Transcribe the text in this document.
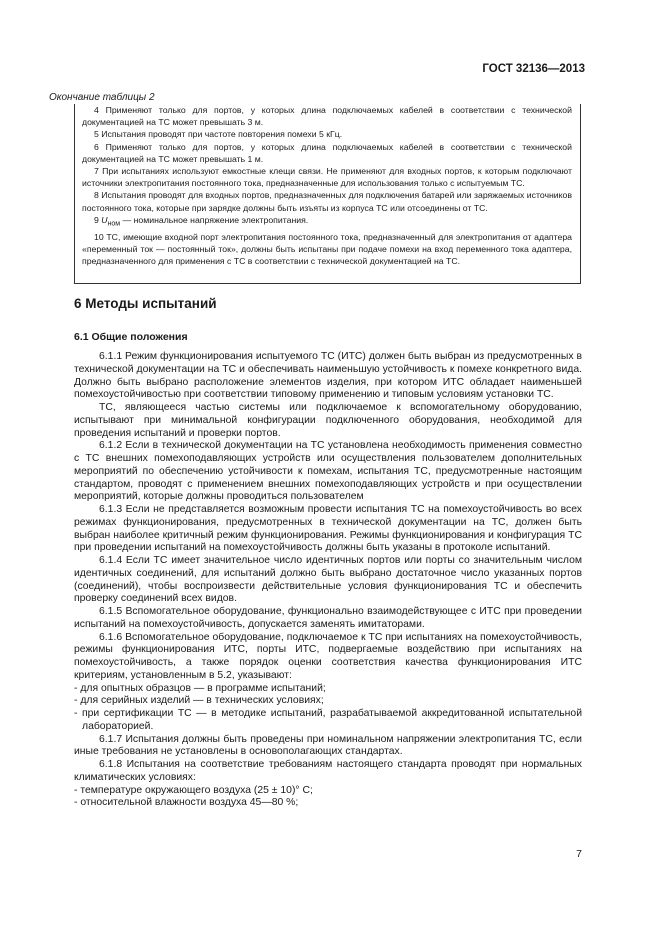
ГОСТ 32136—2013
Окончание таблицы 2

4 Применяют только для портов, у которых длина подключаемых кабелей в соответствии с технической документацией на ТС может превышать 3 м.

5 Испытания проводят при частоте повторения помехи 5 кГц.

6 Применяют только для портов, у которых длина подключаемых кабелей в соответствии с технической документацией на ТС может превышать 1 м.

7 При испытаниях используют емкостные клещи связи. Не применяют для входных портов, к которым подключают источники электропитания постоянного тока, предназначенные для использования только с испытуемым ТС.

8 Испытания проводят для входных портов, предназначенных для подключения батарей или заряжаемых источников постоянного тока, которые при зарядке должны быть изъяты из корпуса ТС или отсоединены от ТС.

9 $U_{ном}$ — номинальное напряжение электропитания.

10 ТС, имеющие входной порт электропитания постоянного тока, предназначенный для электропитания от адаптера «переменный ток — постоянный ток», должны быть испытаны при подаче помехи на вход переменного тока адаптера, предназначенного для применения с ТС в соответствии с технической документацией на ТС.

6 Методы испытаний
6.1 Общие положения

6.1.1 Режим функционирования испытуемого ТС (ИТС) должен быть выбран из предусмотренных в технической документации на ТС и обеспечивать наименьшую устойчивость к помехе конкретного вида. Должно быть выбрано расположение элементов изделия, при котором ИТС обладает наименьшей помехоустойчивостью при соответствии типовому применению и типовым условиям установки ТС.

ТС, являющееся частью системы или подключаемое к вспомогательному оборудованию, испытывают при минимальной конфигурации подключенного оборудования, необходимой для проведения испытаний и проверки портов.

6.1.2 Если в технической документации на ТС установлена необходимость применения совместно с ТС внешних помехоподавляющих устройств или осуществления пользователем дополнительных мероприятий по обеспечению устойчивости к помехам, испытания ТС, предусмотренные настоящим стандартом, проводят с применением внешних помехоподавляющих устройств и при осуществлении мероприятий, которые должны проводиться пользователем

6.1.3 Если не представляется возможным провести испытания ТС на помехоустойчивость во всех режимах функционирования, предусмотренных в технической документации на ТС, должен быть выбран наиболее критичный режим функционирования. Режимы функционирования и конфигурация ТС при проведении испытаний на помехоустойчивость должны быть указаны в протоколе испытаний.

6.1.4 Если ТС имеет значительное число идентичных портов или порты со значительным числом идентичных соединений, для испытаний должно быть выбрано достаточное число указанных портов (соединений), чтобы воспроизвести действительные условия функционирования ТС и обеспечить проверку соединений всех видов.

6.1.5 Вспомогательное оборудование, функционально взаимодействующее с ИТС при проведении испытаний на помехоустойчивость, допускается заменять имитаторами.

6.1.6 Вспомогательное оборудование, подключаемое к ТС при испытаниях на помехоустойчивость, режимы функционирования ИТС, порты ИТС, подвергаемые воздействию при испытаниях на помехоустойчивость, а также порядок оценки соответствия качества функционирования ИТС критериям, установленным в 5.2, указывают:

- для опытных образцов — в программе испытаний;

- для серийных изделий — в технических условиях;

- при сертификации ТС — в методике испытаний, разрабатываемой аккредитованной испытательной лабораторией.

6.1.7 Испытания должны быть проведены при номинальном напряжении электропитания ТС, если иные требования не установлены в основополагающих стандартах.

6.1.8 Испытания на соответствие требованиям настоящего стандарта проводят при нормальных климатических условиях:

- температуре окружающего воздуха (25 ± 10)° С;

- относительной влажности воздуха 45—80 %;

7
